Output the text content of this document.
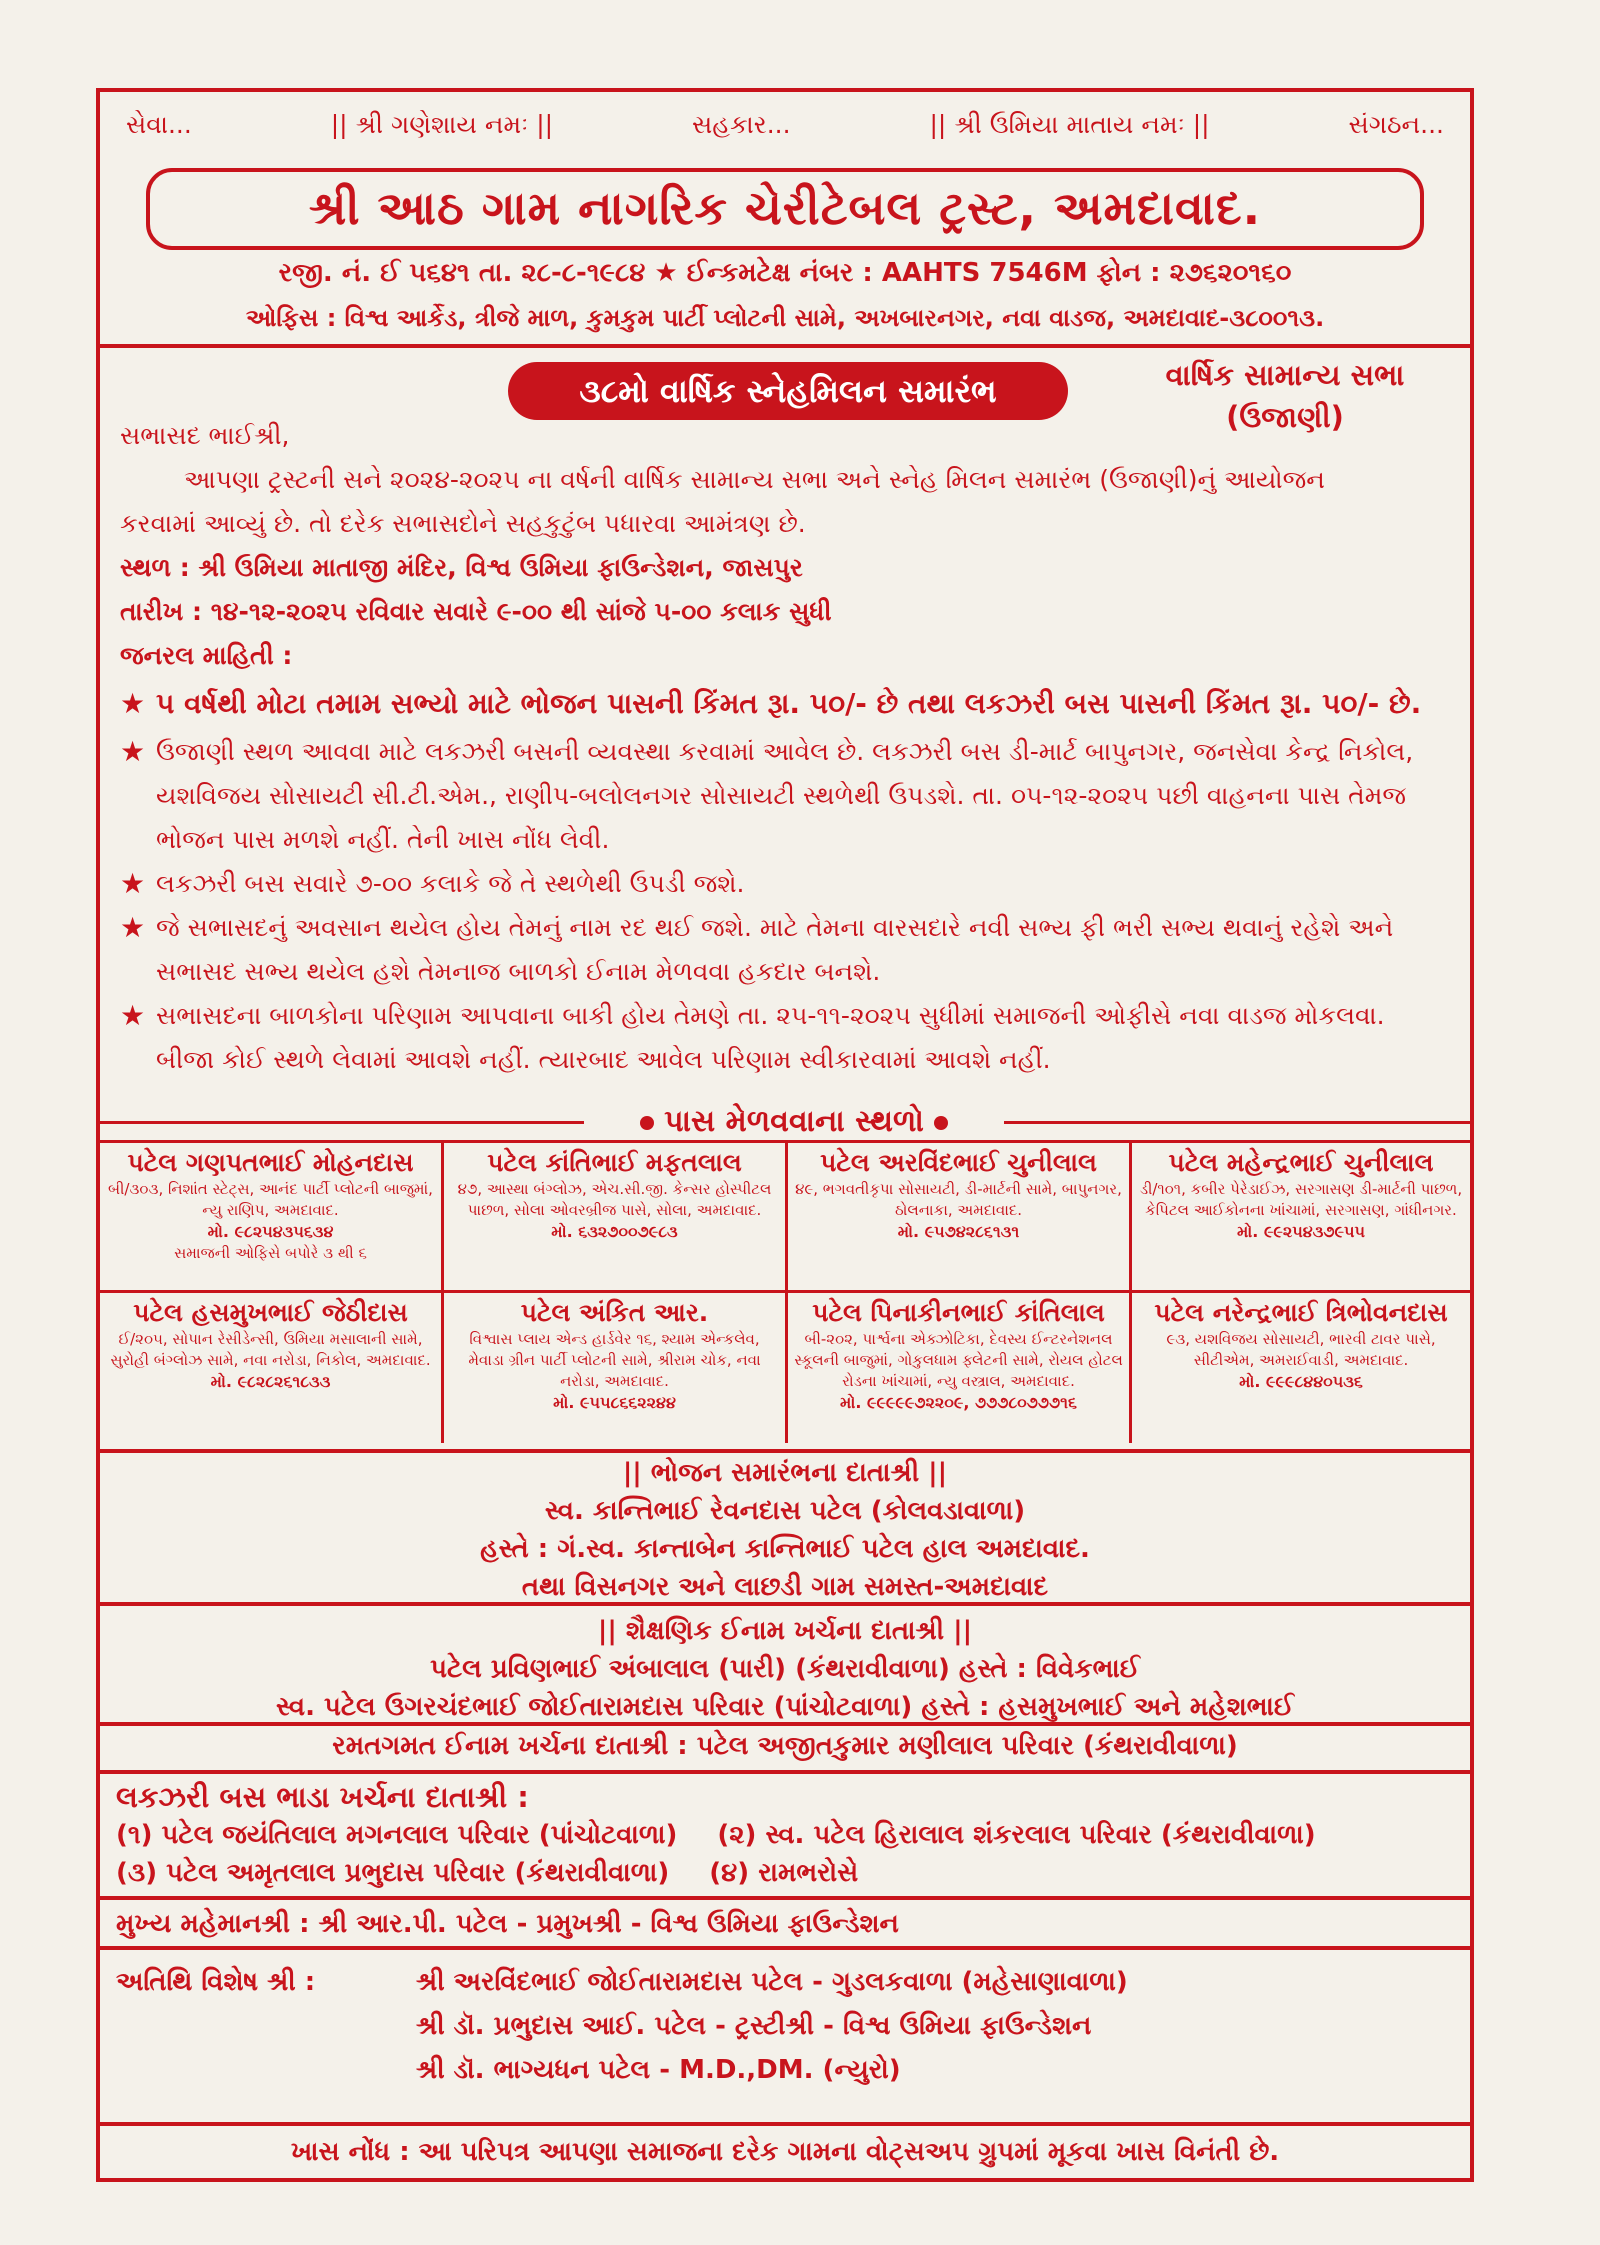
સેવા...	|| શ્રી ગણેશાય નમઃ ||	સહકાર...	|| શ્રી ઉમિયા માતાય નમઃ ||	સંગઠન...
શ્રી આઠ ગામ નાગરિક ચેરીટેબલ ટ્રસ્ટ, અમદાવાદ.
રજી. નં. ઈ ૫૬૪૧ તા. ૨૮-૮-૧૯૮૪ ★ ઈન્કમટેક્ષ નંબર : AAHTS 7546M ફોન : ૨૭૬૨૦૧૬૦
ઓફિસ : વિશ્વ આર્કેડ, ત્રીજે માળ, કુમકુમ પાર્ટી પ્લોટની સામે, અખબારનગર, નવા વાડજ, અમદાવાદ-૩૮૦૦૧૩.
૩૮મો વાર્ષિક સ્નેહમિલન સમારંભ	વાર્ષિક સામાન્ય સભા
(ઉજાણી)

સભાસદ ભાઈશ્રી,

આપણા ટ્રસ્ટની સને ૨૦૨૪-૨૦૨૫ ના વર્ષની વાર્ષિક સામાન્ય સભા અને સ્નેહ મિલન સમારંભ (ઉજાણી)નું આયોજન

કરવામાં આવ્યું છે. તો દરેક સભાસદોને સહકુટુંબ પધારવા આમંત્રણ છે.

સ્થળ : શ્રી ઉમિયા માતાજી મંદિર, વિશ્વ ઉમિયા ફાઉન્ડેશન, જાસપુર

તારીખ : ૧૪-૧૨-૨૦૨૫ રવિવાર સવારે ૯-૦૦ થી સાંજે ૫-૦૦ કલાક સુધી

જનરલ માહિતી :

★ ૫ વર્ષથી મોટા તમામ સભ્યો માટે ભોજન પાસની કિંમત રૂા. ૫૦/- છે તથા લકઝરી બસ પાસની કિંમત રૂા. ૫૦/- છે.
★ ઉજાણી સ્થળ આવવા માટે લકઝરી બસની વ્યવસ્થા કરવામાં આવેલ છે. લકઝરી બસ ડી-માર્ટ બાપુનગર, જનસેવા કેન્દ્ર નિકોલ, યશવિજય સોસાયટી સી.ટી.એમ., રાણીપ-બલોલનગર સોસાયટી સ્થળેથી ઉપડશે. તા. ૦૫-૧૨-૨૦૨૫ પછી વાહનના પાસ તેમજ ભોજન પાસ મળશે નહીં. તેની ખાસ નોંધ લેવી.
★ લકઝરી બસ સવારે ૭-૦૦ કલાકે જે તે સ્થળેથી ઉપડી જશે.
★ જે સભાસદનું અવસાન થયેલ હોય તેમનું નામ રદ થઈ જશે. માટે તેમના વારસદારે નવી સભ્ય ફી ભરી સભ્ય થવાનું રહેશે અને સભાસદ સભ્ય થયેલ હશે તેમનાજ બાળકો ઈનામ મેળવવા હકદાર બનશે.
★ સભાસદના બાળકોના પરિણામ આપવાના બાકી હોય તેમણે તા. ૨૫-૧૧-૨૦૨૫ સુધીમાં સમાજની ઓફીસે નવા વાડજ મોકલવા. બીજા કોઈ સ્થળે લેવામાં આવશે નહીં. ત્યારબાદ આવેલ પરિણામ સ્વીકારવામાં આવશે નહીં.
પાસ મેળવવાના સ્થળો
પટેલ ગણપતભાઈ મોહનદાસ
બી/૩૦૩, નિશાંત સ્ટેટ્સ, આનંદ પાર્ટી પ્લોટની બાજુમાં, ન્યુ રાણિપ, અમદાવાદ.
મો. ૯૮૨૫૪૩૫૬૩૪
સમાજની ઓફિસે બપોરે ૩ થી ૬
પટેલ કાંતિભાઈ મફતલાલ
૪૭, આસ્થા બંગ્લોઝ, એચ.સી.જી. કેન્સર હોસ્પીટલ પાછળ, સોલા ઓવરબ્રીજ પાસે, સોલા, અમદાવાદ.
મો. ૬૩૨૭૦૦૭૯૮૩
પટેલ અરવિંદભાઈ ચુનીલાલ
૪૯, ભગવતીકૃપા સોસાયટી, ડી-માર્ટની સામે, બાપુનગર, ઠોલનાકા, અમદાવાદ.
મો. ૯૫૭૪૨૮૬૧૩૧
પટેલ મહેન્દ્રભાઈ ચુનીલાલ
ડી/૧૦૧, કબીર પેરેડાઈઝ, સરગાસણ ડી-માર્ટની પાછળ, કેપિટલ આઈકોનના ખાંચામાં, સરગાસણ, ગાંધીનગર.
મો. ૯૯૨૫૪૩૭૯૫૫
પટેલ હસમુખભાઈ જેઠીદાસ
ઈ/૨૦૫, સોપાન રેસીડેન્સી, ઉમિયા મસાલાની સામે, સુરોહી બંગ્લોઝ સામે, નવા નરોડા, નિકોલ, અમદાવાદ.
મો. ૯૮૨૮૨૬૧૮૩૩
પટેલ અંકિત આર.
વિશ્વાસ પ્લાય એન્ડ હાર્ડવેર ૧૬, શ્યામ એન્કલેવ, મેવાડા ગ્રીન પાર્ટી પ્લોટની સામે, શ્રીરામ ચોક, નવા નરોડા, અમદાવાદ.
મો. ૯૫૫૮૬૬૨૨૪૪
પટેલ પિનાકીનભાઈ કાંતિલાલ
બી-૨૦૨, પાર્શ્વના એક્ઝોટિકા, દેવસ્ય ઈન્ટરનેશનલ સ્કૂલની બાજુમાં, ગોકુલધામ ફ્લેટની સામે, રોયલ હોટલ રોડના ખાંચામાં, ન્યુ વસ્ત્રાલ, અમદાવાદ.
મો. ૯૯૯૯૯૭૨૨૦૯, ૭૭૭૮૦૭૭૭૧૬
પટેલ નરેન્દ્રભાઈ ત્રિભોવનદાસ
૯૩, યશવિજય સોસાયટી, ભારવી ટાવર પાસે, સીટીએમ, અમરાઈવાડી, અમદાવાદ.
મો. ૯૯૯૮૪૪૦૫૩૬
|| ભોજન સમારંભના દાતાશ્રી ||
સ્વ. કાન્તિભાઈ રેવનદાસ પટેલ (કોલવડાવાળા)
હસ્તે : ગં.સ્વ. કાન્તાબેન કાન્તિભાઈ પટેલ હાલ અમદાવાદ.
તથા વિસનગર અને લાછડી ગામ સમસ્ત-અમદાવાદ
|| શૈક્ષણિક ઈનામ ખર્ચના દાતાશ્રી ||
પટેલ પ્રવિણભાઈ અંબાલાલ (પારી) (કંથરાવીવાળા) હસ્તે : વિવેકભાઈ
સ્વ. પટેલ ઉગરચંદભાઈ જોઈતારામદાસ પરિવાર (પાંચોટવાળા) હસ્તે : હસમુખભાઈ અને મહેશભાઈ
રમતગમત ઈનામ ખર્ચના દાતાશ્રી : પટેલ અજીતકુમાર મણીલાલ પરિવાર (કંથરાવીવાળા)
લકઝરી બસ ભાડા ખર્ચના દાતાશ્રી :
(૧) પટેલ જયંતિલાલ મગનલાલ પરિવાર (પાંચોટવાળા) (૨) સ્વ. પટેલ હિરાલાલ શંકરલાલ પરિવાર (કંથરાવીવાળા)
(૩) પટેલ અમૃતલાલ પ્રભુદાસ પરિવાર (કંથરાવીવાળા) (૪) રામભરોસે
મુખ્ય મહેમાનશ્રી : શ્રી આર.પી. પટેલ - પ્રમુખશ્રી - વિશ્વ ઉમિયા ફાઉન્ડેશન
અતિથિ વિશેષ શ્રી :	શ્રી અરવિંદભાઈ જોઈતારામદાસ પટેલ - ગુડલકવાળા (મહેસાણાવાળા)
શ્રી ડૉ. પ્રભુદાસ આઈ. પટેલ - ટ્રસ્ટીશ્રી - વિશ્વ ઉમિયા ફાઉન્ડેશન
શ્રી ડૉ. ભાગ્યધન પટેલ - M.D.,DM. (ન્યુરો)
ખાસ નોંધ : આ પરિપત્ર આપણા સમાજના દરેક ગામના વોટ્સઅપ ગ્રુપમાં મૂકવા ખાસ વિનંતી છે.
